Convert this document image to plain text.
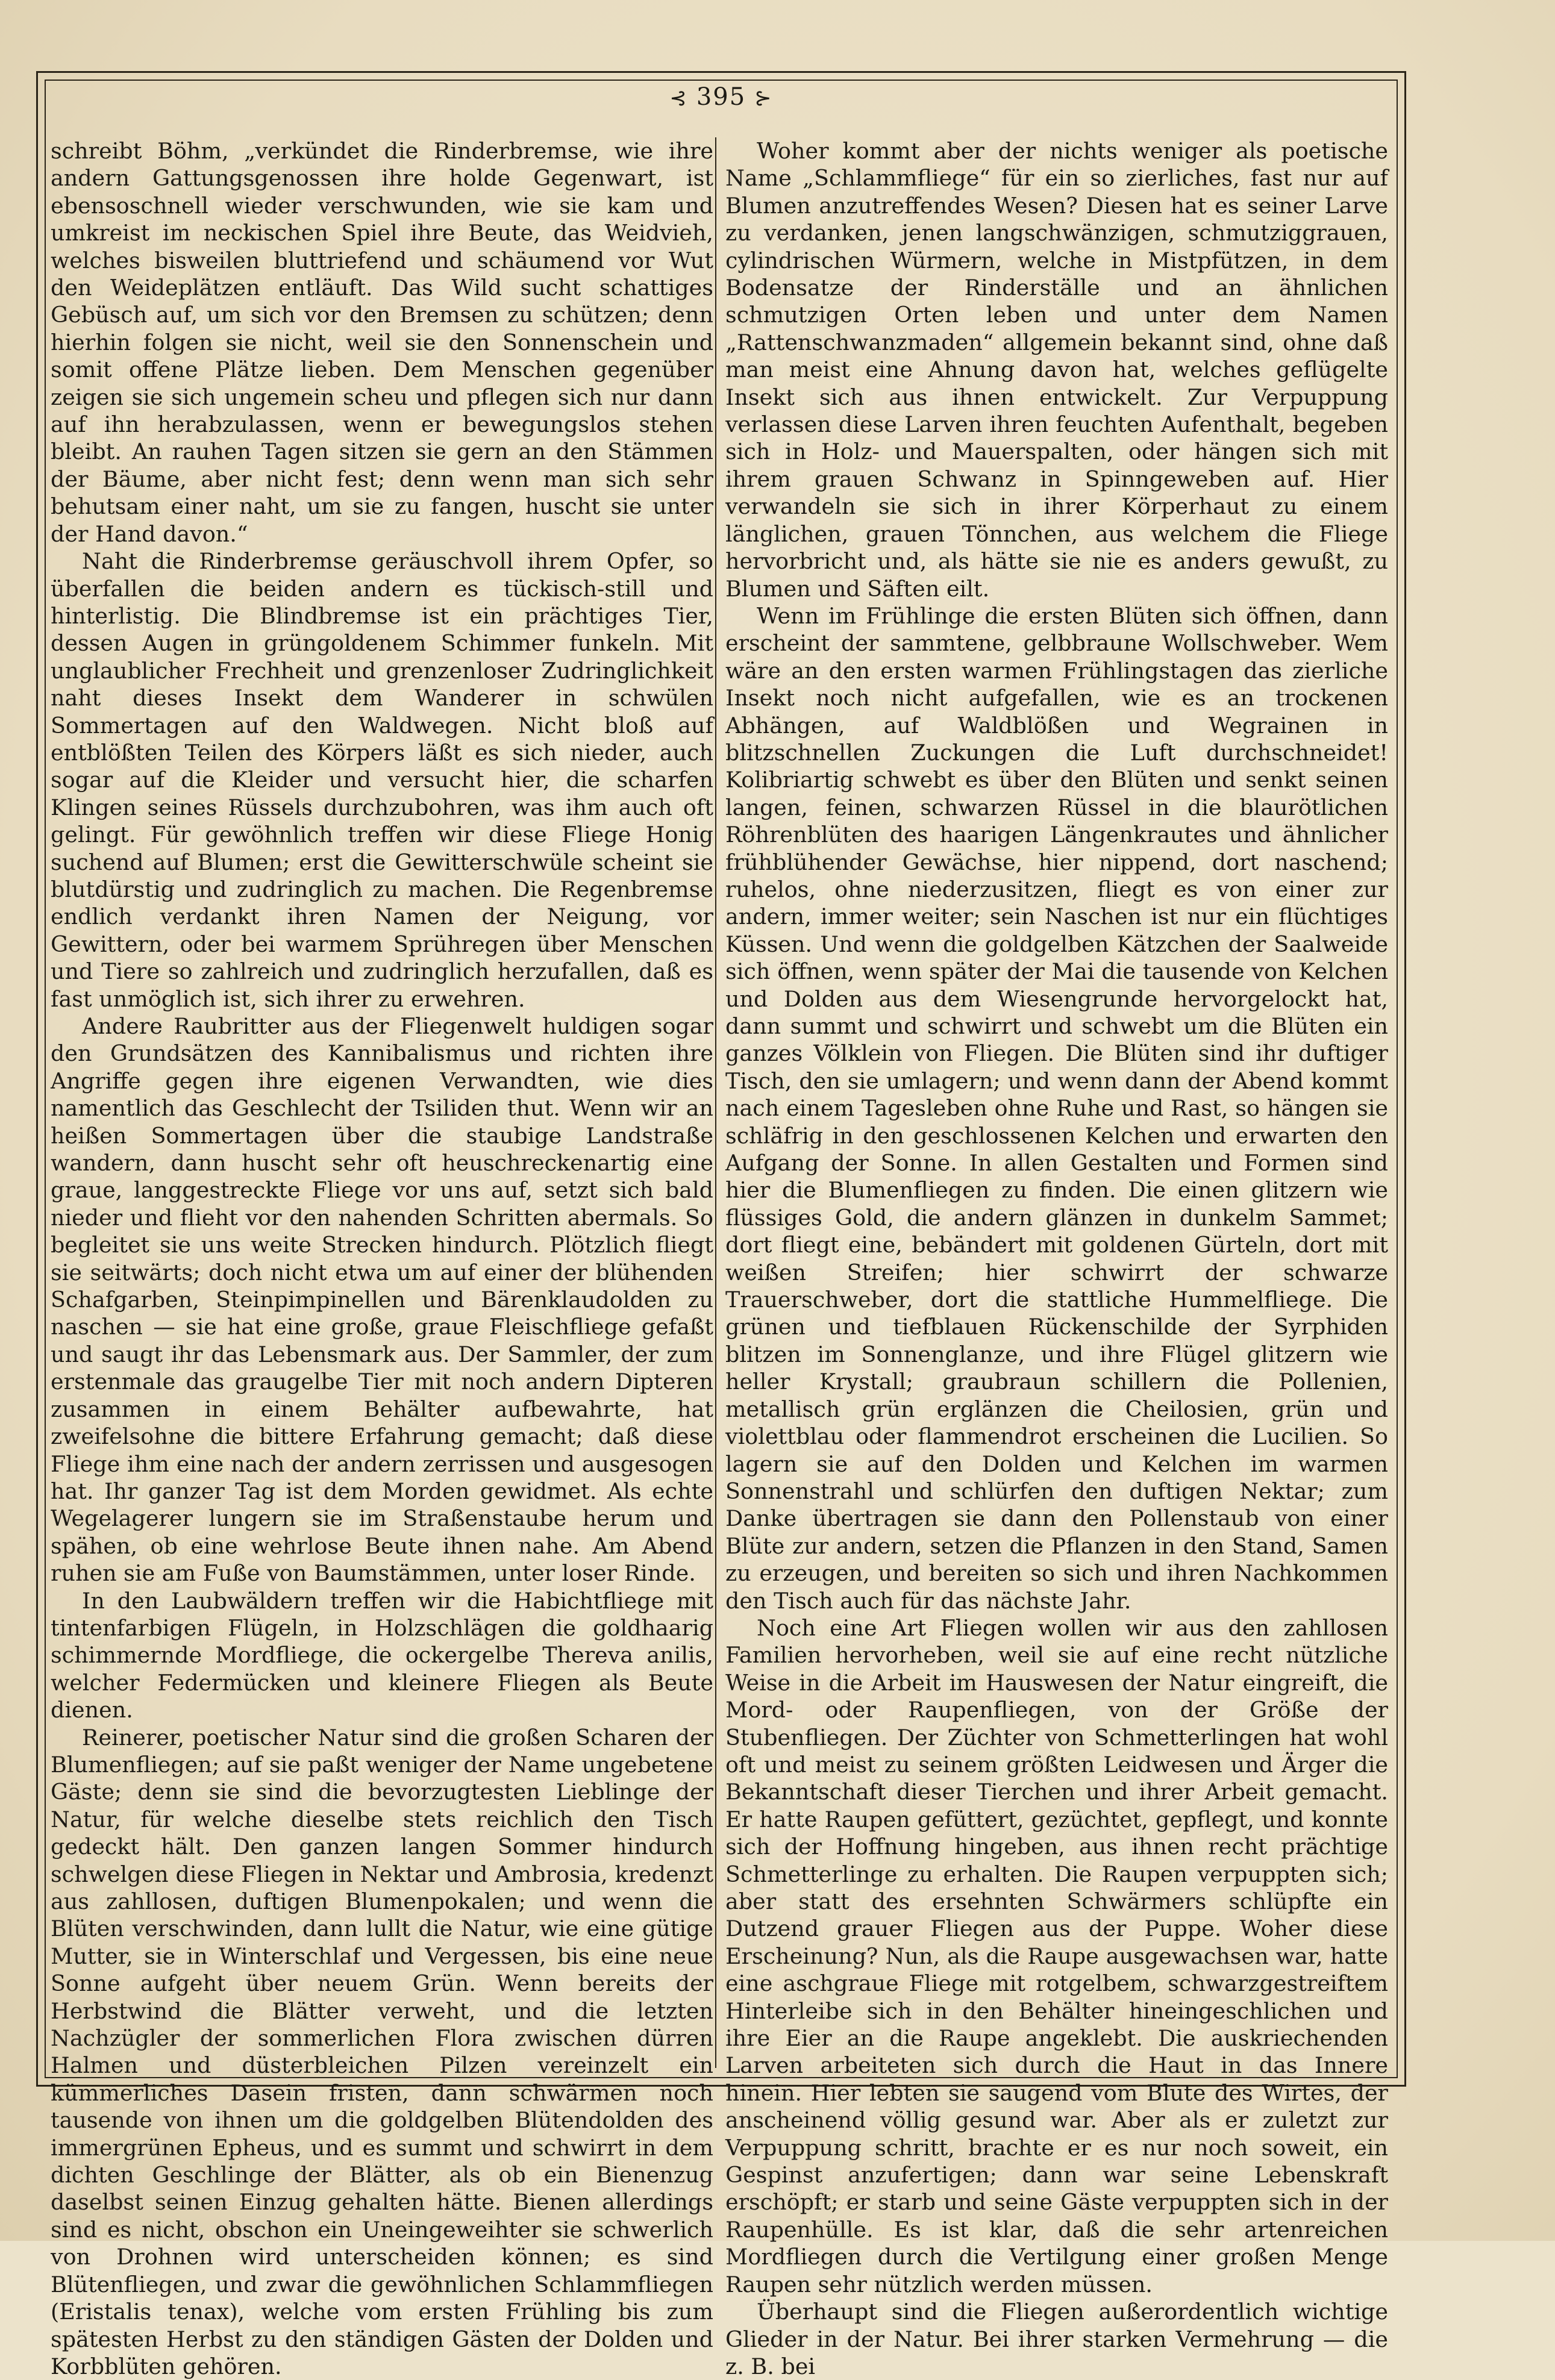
⊰ 395 ⊱

schreibt Böhm, „verkündet die Rinderbremse, wie ihre andern Gattungsgenossen ihre holde Gegenwart, ist ebensoschnell wieder verschwunden, wie sie kam und umkreist im neckischen Spiel ihre Beute, das Weidvieh, welches bisweilen bluttriefend und schäumend vor Wut den Weideplätzen entläuft. Das Wild sucht schattiges Gebüsch auf, um sich vor den Bremsen zu schützen; denn hierhin folgen sie nicht, weil sie den Sonnenschein und somit offene Plätze lieben. Dem Menschen gegenüber zeigen sie sich ungemein scheu und pflegen sich nur dann auf ihn herabzulassen, wenn er bewegungslos stehen bleibt. An rauhen Tagen sitzen sie gern an den Stämmen der Bäume, aber nicht fest; denn wenn man sich sehr behutsam einer naht, um sie zu fangen, huscht sie unter der Hand davon.“

Naht die Rinderbremse geräuschvoll ihrem Opfer, so überfallen die beiden andern es tückisch-still und hinterlistig. Die Blindbremse ist ein prächtiges Tier, dessen Augen in grüngoldenem Schimmer funkeln. Mit unglaublicher Frechheit und grenzenloser Zudringlichkeit naht dieses Insekt dem Wanderer in schwülen Sommertagen auf den Waldwegen. Nicht bloß auf entblößten Teilen des Körpers läßt es sich nieder, auch sogar auf die Kleider und versucht hier, die scharfen Klingen seines Rüssels durchzubohren, was ihm auch oft gelingt. Für gewöhnlich treffen wir diese Fliege Honig suchend auf Blumen; erst die Gewitterschwüle scheint sie blutdürstig und zudringlich zu machen. Die Regenbremse endlich verdankt ihren Namen der Neigung, vor Gewittern, oder bei warmem Sprühregen über Menschen und Tiere so zahlreich und zudringlich herzufallen, daß es fast unmöglich ist, sich ihrer zu erwehren.

Andere Raubritter aus der Fliegenwelt huldigen sogar den Grundsätzen des Kannibalismus und richten ihre Angriffe gegen ihre eigenen Verwandten, wie dies namentlich das Geschlecht der Tsiliden thut. Wenn wir an heißen Sommertagen über die staubige Landstraße wandern, dann huscht sehr oft heuschreckenartig eine graue, langgestreckte Fliege vor uns auf, setzt sich bald nieder und flieht vor den nahenden Schritten abermals. So begleitet sie uns weite Strecken hindurch. Plötzlich fliegt sie seitwärts; doch nicht etwa um auf einer der blühenden Schafgarben, Steinpimpinellen und Bärenklaudolden zu naschen — sie hat eine große, graue Fleischfliege gefaßt und saugt ihr das Lebensmark aus. Der Sammler, der zum erstenmale das graugelbe Tier mit noch andern Dipteren zusammen in einem Behälter aufbewahrte, hat zweifelsohne die bittere Erfahrung gemacht; daß diese Fliege ihm eine nach der andern zerrissen und ausgesogen hat. Ihr ganzer Tag ist dem Morden gewidmet. Als echte Wegelagerer lungern sie im Straßenstaube herum und spähen, ob eine wehrlose Beute ihnen nahe. Am Abend ruhen sie am Fuße von Baumstämmen, unter loser Rinde.

In den Laubwäldern treffen wir die Habichtfliege mit tintenfarbigen Flügeln, in Holzschlägen die goldhaarig schimmernde Mordfliege, die ockergelbe Thereva anilis, welcher Federmücken und kleinere Fliegen als Beute dienen.

Reinerer, poetischer Natur sind die großen Scharen der Blumenfliegen; auf sie paßt weniger der Name ungebetene Gäste; denn sie sind die bevorzugtesten Lieblinge der Natur, für welche dieselbe stets reichlich den Tisch gedeckt hält. Den ganzen langen Sommer hindurch schwelgen diese Fliegen in Nektar und Ambrosia, kredenzt aus zahllosen, duftigen Blumenpokalen; und wenn die Blüten verschwinden, dann lullt die Natur, wie eine gütige Mutter, sie in Winterschlaf und Vergessen, bis eine neue Sonne aufgeht über neuem Grün. Wenn bereits der Herbstwind die Blätter verweht, und die letzten Nachzügler der sommerlichen Flora zwischen dürren Halmen und düsterbleichen Pilzen vereinzelt ein kümmerliches Dasein fristen, dann schwärmen noch tausende von ihnen um die goldgelben Blütendolden des immergrünen Epheus, und es summt und schwirrt in dem dichten Geschlinge der Blätter, als ob ein Bienenzug daselbst seinen Einzug gehalten hätte. Bienen allerdings sind es nicht, obschon ein Uneingeweihter sie schwerlich von Drohnen wird unterscheiden können; es sind Blütenfliegen, und zwar die gewöhnlichen Schlammfliegen (Eristalis tenax), welche vom ersten Frühling bis zum spätesten Herbst zu den ständigen Gästen der Dolden und Korbblüten gehören.

Woher kommt aber der nichts weniger als poetische Name „Schlammfliege“ für ein so zierliches, fast nur auf Blumen anzutreffendes Wesen? Diesen hat es seiner Larve zu verdanken, jenen langschwänzigen, schmutziggrauen, cylindrischen Würmern, welche in Mistpfützen, in dem Bodensatze der Rinderställe und an ähnlichen schmutzigen Orten leben und unter dem Namen „Rattenschwanzmaden“ allgemein bekannt sind, ohne daß man meist eine Ahnung davon hat, welches geflügelte Insekt sich aus ihnen entwickelt. Zur Verpuppung verlassen diese Larven ihren feuchten Aufenthalt, begeben sich in Holz- und Mauerspalten, oder hängen sich mit ihrem grauen Schwanz in Spinngeweben auf. Hier verwandeln sie sich in ihrer Körperhaut zu einem länglichen, grauen Tönnchen, aus welchem die Fliege hervorbricht und, als hätte sie nie es anders gewußt, zu Blumen und Säften eilt.

Wenn im Frühlinge die ersten Blüten sich öffnen, dann erscheint der sammtene, gelbbraune Wollschweber. Wem wäre an den ersten warmen Frühlingstagen das zierliche Insekt noch nicht aufgefallen, wie es an trockenen Abhängen, auf Waldblößen und Wegrainen in blitzschnellen Zuckungen die Luft durchschneidet! Kolibriartig schwebt es über den Blüten und senkt seinen langen, feinen, schwarzen Rüssel in die blaurötlichen Röhrenblüten des haarigen Längenkrautes und ähnlicher frühblühender Gewächse, hier nippend, dort naschend; ruhelos, ohne niederzusitzen, fliegt es von einer zur andern, immer weiter; sein Naschen ist nur ein flüchtiges Küssen. Und wenn die goldgelben Kätzchen der Saalweide sich öffnen, wenn später der Mai die tausende von Kelchen und Dolden aus dem Wiesengrunde hervorgelockt hat, dann summt und schwirrt und schwebt um die Blüten ein ganzes Völklein von Fliegen. Die Blüten sind ihr duftiger Tisch, den sie umlagern; und wenn dann der Abend kommt nach einem Tagesleben ohne Ruhe und Rast, so hängen sie schläfrig in den geschlossenen Kelchen und erwarten den Aufgang der Sonne. In allen Gestalten und Formen sind hier die Blumenfliegen zu finden. Die einen glitzern wie flüssiges Gold, die andern glänzen in dunkelm Sammet; dort fliegt eine, bebändert mit goldenen Gürteln, dort mit weißen Streifen; hier schwirrt der schwarze Trauerschweber, dort die stattliche Hummelfliege. Die grünen und tiefblauen Rückenschilde der Syrphiden blitzen im Sonnenglanze, und ihre Flügel glitzern wie heller Krystall; graubraun schillern die Pollenien, metallisch grün erglänzen die Cheilosien, grün und violettblau oder flammendrot erscheinen die Lucilien. So lagern sie auf den Dolden und Kelchen im warmen Sonnenstrahl und schlürfen den duftigen Nektar; zum Danke übertragen sie dann den Pollenstaub von einer Blüte zur andern, setzen die Pflanzen in den Stand, Samen zu erzeugen, und bereiten so sich und ihren Nachkommen den Tisch auch für das nächste Jahr.

Noch eine Art Fliegen wollen wir aus den zahllosen Familien hervorheben, weil sie auf eine recht nützliche Weise in die Arbeit im Hauswesen der Natur eingreift, die Mord- oder Raupenfliegen, von der Größe der Stubenfliegen. Der Züchter von Schmetterlingen hat wohl oft und meist zu seinem größten Leidwesen und Ärger die Bekanntschaft dieser Tierchen und ihrer Arbeit gemacht. Er hatte Raupen gefüttert, gezüchtet, gepflegt, und konnte sich der Hoffnung hingeben, aus ihnen recht prächtige Schmetterlinge zu erhalten. Die Raupen verpuppten sich; aber statt des ersehnten Schwärmers schlüpfte ein Dutzend grauer Fliegen aus der Puppe. Woher diese Erscheinung? Nun, als die Raupe ausgewachsen war, hatte eine aschgraue Fliege mit rotgelbem, schwarzgestreiftem Hinterleibe sich in den Behälter hineingeschlichen und ihre Eier an die Raupe angeklebt. Die auskriechenden Larven arbeiteten sich durch die Haut in das Innere hinein. Hier lebten sie saugend vom Blute des Wirtes, der anscheinend völlig gesund war. Aber als er zuletzt zur Verpuppung schritt, brachte er es nur noch soweit, ein Gespinst anzufertigen; dann war seine Lebenskraft erschöpft; er starb und seine Gäste verpuppten sich in der Raupenhülle. Es ist klar, daß die sehr artenreichen Mordfliegen durch die Vertilgung einer großen Menge Raupen sehr nützlich werden müssen.

Überhaupt sind die Fliegen außerordentlich wichtige Glieder in der Natur. Bei ihrer starken Vermehrung — die z. B. bei
